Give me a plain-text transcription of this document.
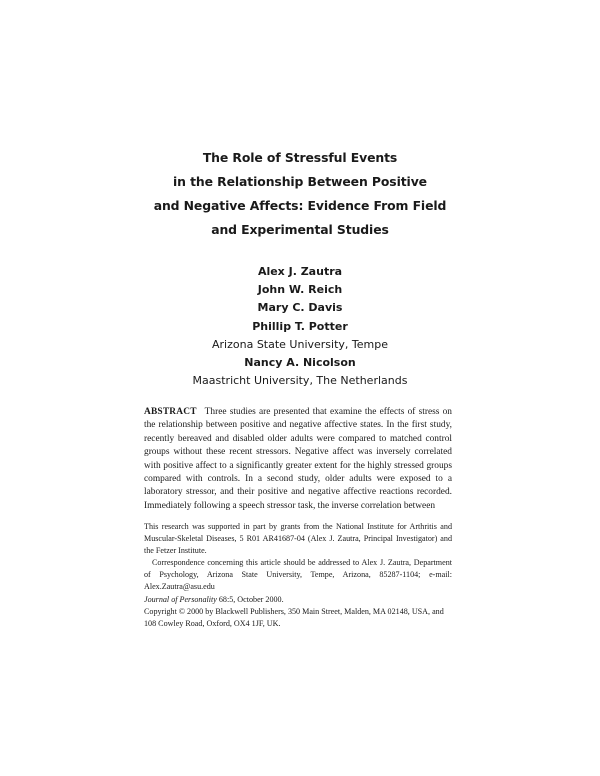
The Role of Stressful Events
in the Relationship Between Positive
and Negative Affects: Evidence From Field
and Experimental Studies
Alex J. Zautra
John W. Reich
Mary C. Davis
Phillip T. Potter
Arizona State University, Tempe
Nancy A. Nicolson
Maastricht University, The Netherlands
ABSTRACT Three studies are presented that examine the effects of stress on the relationship between positive and negative affective states. In the first study, recently bereaved and disabled older adults were compared to matched control groups without these recent stressors. Negative affect was inversely correlated with positive affect to a significantly greater extent for the highly stressed groups compared with controls. In a second study, older adults were exposed to a laboratory stressor, and their positive and negative affective reactions recorded. Immediately following a speech stressor task, the inverse correlation between

This research was supported in part by grants from the National Institute for Arthritis and Muscular-Skeletal Diseases, 5 R01 AR41687-04 (Alex J. Zautra, Principal Investigator) and the Fetzer Institute.

Correspondence concerning this article should be addressed to Alex J. Zautra, Department of Psychology, Arizona State University, Tempe, Arizona, 85287-1104; e-mail: Alex.Zautra@asu.edu

Journal of Personality 68:5, October 2000.

Copyright © 2000 by Blackwell Publishers, 350 Main Street, Malden, MA 02148, USA, and 108 Cowley Road, Oxford, OX4 1JF, UK.
